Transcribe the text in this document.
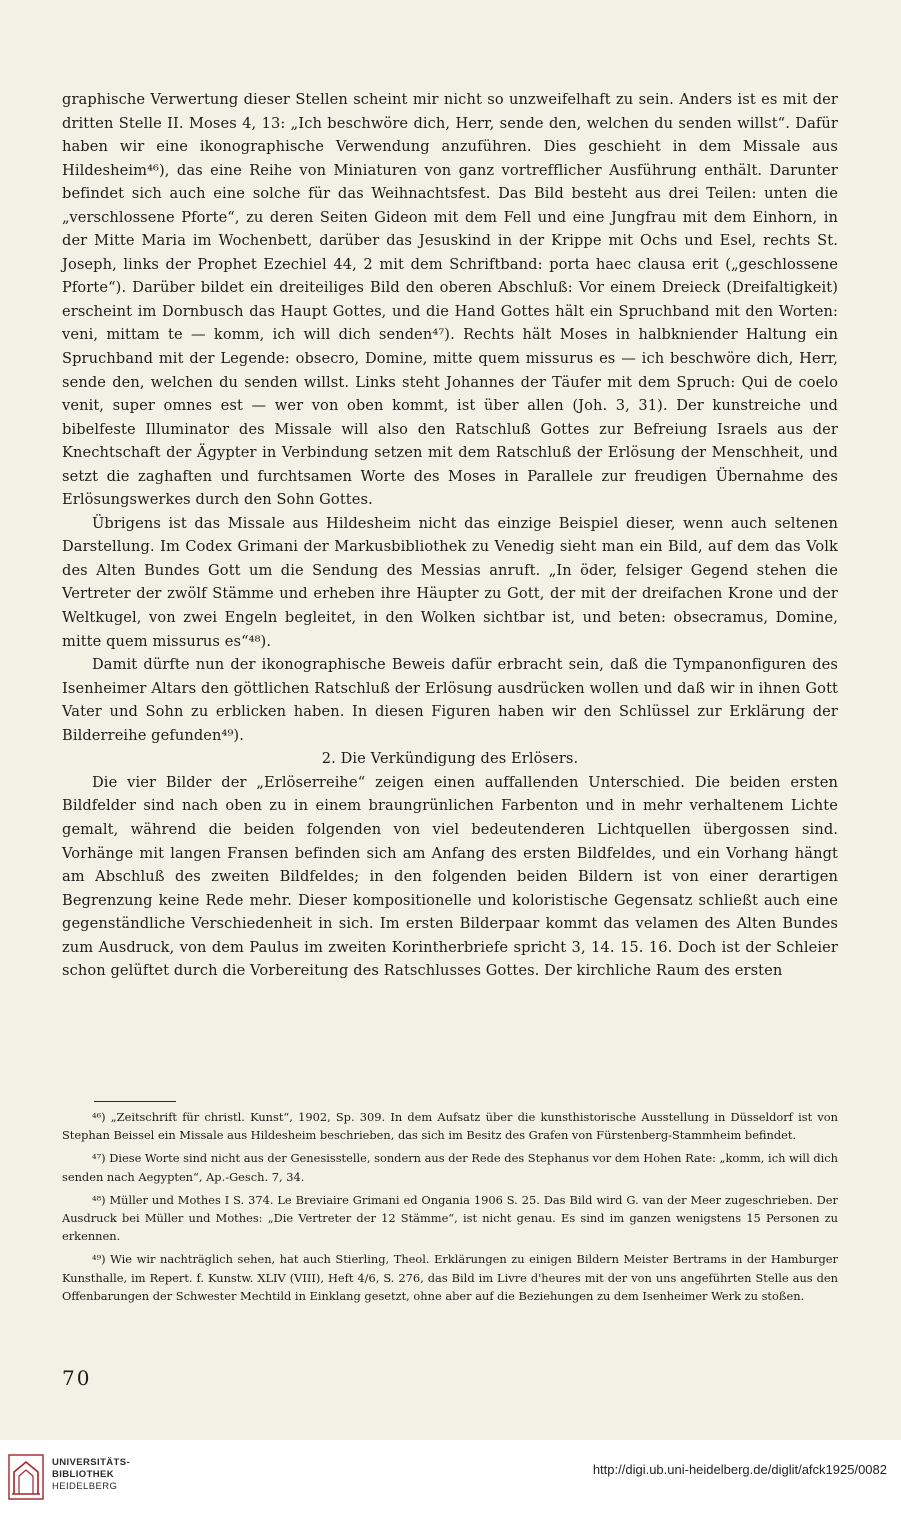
graphische Verwertung dieser Stellen scheint mir nicht so unzweifelhaft zu sein. Anders ist es mit der dritten Stelle II. Moses 4, 13: „Ich beschwöre dich, Herr, sende den, welchen du senden willst“. Dafür haben wir eine ikonographische Verwendung anzuführen. Dies geschieht in dem Missale aus Hildesheim⁴⁶), das eine Reihe von Miniaturen von ganz vortrefflicher Ausführung enthält. Darunter befindet sich auch eine solche für das Weihnachtsfest. Das Bild besteht aus drei Teilen: unten die „verschlossene Pforte“, zu deren Seiten Gideon mit dem Fell und eine Jungfrau mit dem Einhorn, in der Mitte Maria im Wochenbett, darüber das Jesuskind in der Krippe mit Ochs und Esel, rechts St. Joseph, links der Prophet Ezechiel 44, 2 mit dem Schriftband: porta haec clausa erit („geschlossene Pforte“). Darüber bildet ein dreiteiliges Bild den oberen Abschluß: Vor einem Dreieck (Dreifaltigkeit) erscheint im Dornbusch das Haupt Gottes, und die Hand Gottes hält ein Spruchband mit den Worten: veni, mittam te — komm, ich will dich senden⁴⁷). Rechts hält Moses in halbkniender Haltung ein Spruchband mit der Legende: obsecro, Domine, mitte quem missurus es — ich beschwöre dich, Herr, sende den, welchen du senden willst. Links steht Johannes der Täufer mit dem Spruch: Qui de coelo venit, super omnes est — wer von oben kommt, ist über allen (Joh. 3, 31). Der kunstreiche und bibelfeste Illuminator des Missale will also den Ratschluß Gottes zur Befreiung Israels aus der Knechtschaft der Ägypter in Verbindung setzen mit dem Ratschluß der Erlösung der Menschheit, und setzt die zaghaften und furchtsamen Worte des Moses in Parallele zur freudigen Übernahme des Erlösungswerkes durch den Sohn Gottes.

Übrigens ist das Missale aus Hildesheim nicht das einzige Beispiel dieser, wenn auch seltenen Darstellung. Im Codex Grimani der Markusbibliothek zu Venedig sieht man ein Bild, auf dem das Volk des Alten Bundes Gott um die Sendung des Messias anruft. „In öder, felsiger Gegend stehen die Vertreter der zwölf Stämme und erheben ihre Häupter zu Gott, der mit der dreifachen Krone und der Weltkugel, von zwei Engeln begleitet, in den Wolken sichtbar ist, und beten: obsecramus, Domine, mitte quem missurus es“⁴⁸).

Damit dürfte nun der ikonographische Beweis dafür erbracht sein, daß die Tympanonfiguren des Isenheimer Altars den göttlichen Ratschluß der Erlösung ausdrücken wollen und daß wir in ihnen Gott Vater und Sohn zu erblicken haben. In diesen Figuren haben wir den Schlüssel zur Erklärung der Bilderreihe gefunden⁴⁹).

2. Die Verkündigung des Erlösers.

Die vier Bilder der „Erlöserreihe“ zeigen einen auffallenden Unterschied. Die beiden ersten Bildfelder sind nach oben zu in einem braungrünlichen Farbenton und in mehr verhaltenem Lichte gemalt, während die beiden folgenden von viel bedeutenderen Lichtquellen übergossen sind. Vorhänge mit langen Fransen befinden sich am Anfang des ersten Bildfeldes, und ein Vorhang hängt am Abschluß des zweiten Bildfeldes; in den folgenden beiden Bildern ist von einer derartigen Begrenzung keine Rede mehr. Dieser kompositionelle und koloristische Gegensatz schließt auch eine gegenständliche Verschiedenheit in sich. Im ersten Bilderpaar kommt das velamen des Alten Bundes zum Ausdruck, von dem Paulus im zweiten Korintherbriefe spricht 3, 14. 15. 16. Doch ist der Schleier schon gelüftet durch die Vorbereitung des Ratschlusses Gottes. Der kirchliche Raum des ersten

⁴⁶) „Zeitschrift für christl. Kunst“, 1902, Sp. 309. In dem Aufsatz über die kunsthistorische Ausstellung in Düsseldorf ist von Stephan Beissel ein Missale aus Hildesheim beschrieben, das sich im Besitz des Grafen von Fürstenberg-Stammheim befindet.

⁴⁷) Diese Worte sind nicht aus der Genesisstelle, sondern aus der Rede des Stephanus vor dem Hohen Rate: „komm, ich will dich senden nach Aegypten“, Ap.-Gesch. 7, 34.

⁴⁸) Müller und Mothes I S. 374. Le Breviaire Grimani ed Ongania 1906 S. 25. Das Bild wird G. van der Meer zugeschrieben. Der Ausdruck bei Müller und Mothes: „Die Vertreter der 12 Stämme“, ist nicht genau. Es sind im ganzen wenigstens 15 Personen zu erkennen.

⁴⁹) Wie wir nachträglich sehen, hat auch Stierling, Theol. Erklärungen zu einigen Bildern Meister Bertrams in der Hamburger Kunsthalle, im Repert. f. Kunstw. XLIV (VIII), Heft 4/6, S. 276, das Bild im Livre d'heures mit der von uns angeführten Stelle aus den Offenbarungen der Schwester Mechtild in Einklang gesetzt, ohne aber auf die Beziehungen zu dem Isenheimer Werk zu stoßen.

70
UNIVERSITÄTS-
BIBLIOTHEK
HEIDELBERG
http://digi.ub.uni-heidelberg.de/diglit/afck1925/0082
